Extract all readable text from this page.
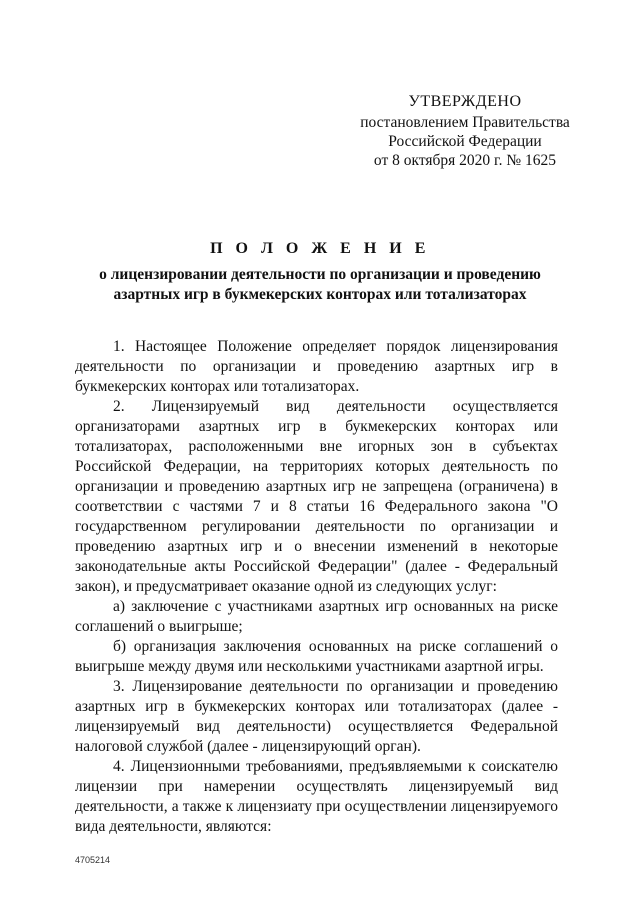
УТВЕРЖДЕНО
постановлением Правительства
Российской Федерации
от 8 октября 2020 г. № 1625
П О Л О Ж Е Н И Е
о лицензировании деятельности по организации и проведению
азартных игр в букмекерских конторах или тотализаторах

1. Настоящее Положение определяет порядок лицензирования деятельности по организации и проведению азартных игр в букмекерских конторах или тотализаторах.

2. Лицензируемый вид деятельности осуществляется организаторами азартных игр в букмекерских конторах или тотализаторах, расположенными вне игорных зон в субъектах Российской Федерации, на территориях которых деятельность по организации и проведению азартных игр не запрещена (ограничена) в соответствии с частями 7 и 8 статьи 16 Федерального закона "О государственном регулировании деятельности по организации и проведению азартных игр и о внесении изменений в некоторые законодательные акты Российской Федерации" (далее - Федеральный закон), и предусматривает оказание одной из следующих услуг:

а) заключение с участниками азартных игр основанных на риске соглашений о выигрыше;

б) организация заключения основанных на риске соглашений о выигрыше между двумя или несколькими участниками азартной игры.

3. Лицензирование деятельности по организации и проведению азартных игр в букмекерских конторах или тотализаторах (далее - лицензируемый вид деятельности) осуществляется Федеральной налоговой службой (далее - лицензирующий орган).

4. Лицензионными требованиями, предъявляемыми к соискателю лицензии при намерении осуществлять лицензируемый вид деятельности, а также к лицензиату при осуществлении лицензируемого вида деятельности, являются:

4705214
